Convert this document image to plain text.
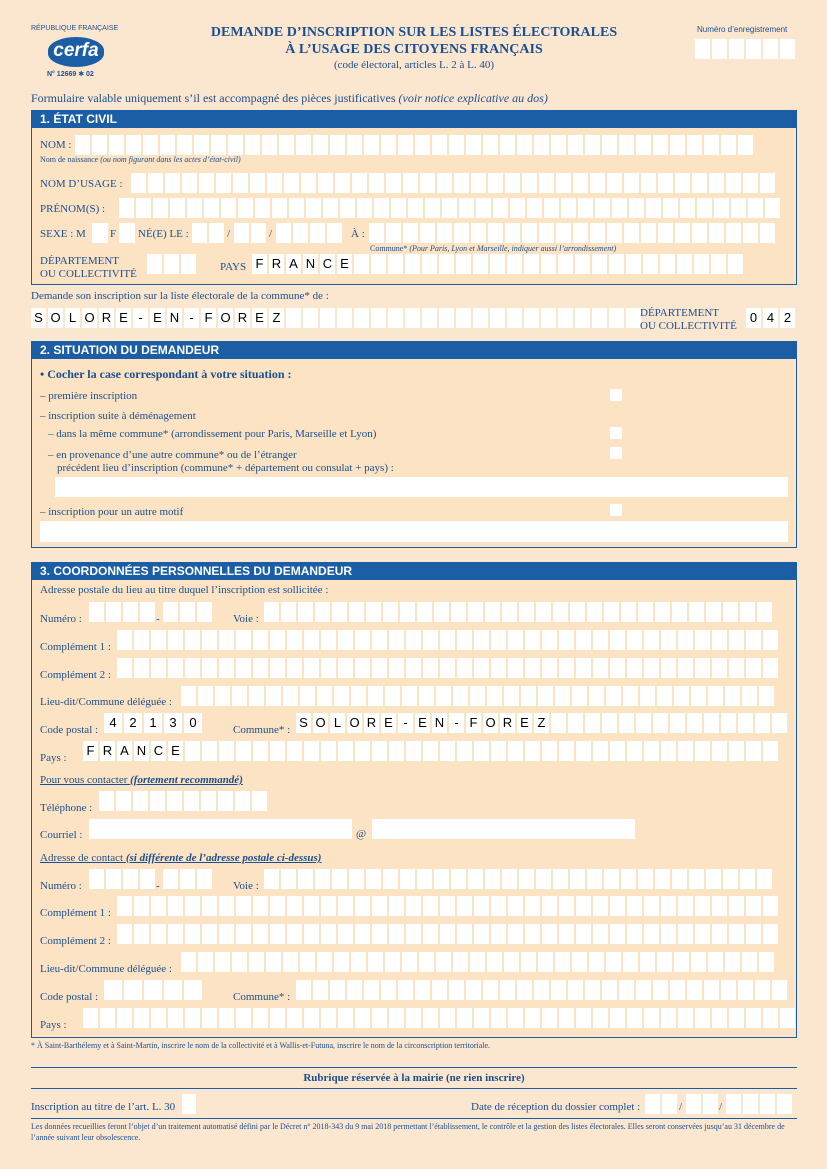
RÉPUBLIQUE FRANÇAISE
cerfa
N° 12669 ✱ 02
DEMANDE D’INSCRIPTION SUR LES LISTES ÉLECTORALES
À L’USAGE DES CITOYENS FRANÇAIS
(code électoral, articles L. 2 à L. 40)
Numéro d’enregistrement
Formulaire valable uniquement s’il est accompagné des pièces justificatives (voir notice explicative au dos)
1. ÉTAT CIVIL
NOM :
Nom de naissance (ou nom figurant dans les actes d’état-civil)
NOM D’USAGE :
PRÉNOM(S) :
SEXE : M F NÉ(E) LE :	/	/	À :
Commune* (Pour Paris, Lyon et Marseille, indiquer aussi l’arrondissement)
DÉPARTEMENT
OU COLLECTIVITÉ
PAYS F R A N C E
Demande son inscription sur la liste électorale de la commune* de :
S O L O R E - E N - F O R E Z	DÉPARTEMENT
OU COLLECTIVITÉ
0 4 2
2. SITUATION DU DEMANDEUR
• Cocher la case correspondant à votre situation :
– première inscription
– inscription suite à déménagement
– dans la même commune* (arrondissement pour Paris, Marseille et Lyon)
– en provenance d’une autre commune* ou de l’étranger
précédent lieu d’inscription (commune* + département ou consulat + pays) :
– inscription pour un autre motif
3. COORDONNÉES PERSONNELLES DU DEMANDEUR
Adresse postale du lieu au titre duquel l’inscription est sollicitée :
Numéro :	-	Voie :
Complément 1 :
Complément 2 :
Lieu-dit/Commune déléguée :
Code postal : 4 2 1 3 0	Commune* : S O L O R E - E N - F O R E Z
Pays : F R A N C E
Pour vous contacter (fortement recommandé)
Téléphone :
Courriel :	@
Adresse de contact (si différente de l’adresse postale ci-dessus)
Numéro :	-	Voie :
Complément 1 :
Complément 2 :
Lieu-dit/Commune déléguée :
Code postal :	Commune* :
Pays :
* À Saint-Barthélemy et à Saint-Martin, inscrire le nom de la collectivité et à Wallis-et-Futuna, inscrire le nom de la circonscription territoriale.
Rubrique réservée à la mairie (ne rien inscrire)
Inscription au titre de l’art. L. 30	Date de réception du dossier complet :	/	/
Les données recueillies feront l’objet d’un traitement automatisé défini par le Décret n° 2018-343 du 9 mai 2018 permettant l’établissement, le contrôle et la gestion des listes électorales. Elles seront conservées jusqu’au 31 décembre de l’année suivant leur obsolescence.
